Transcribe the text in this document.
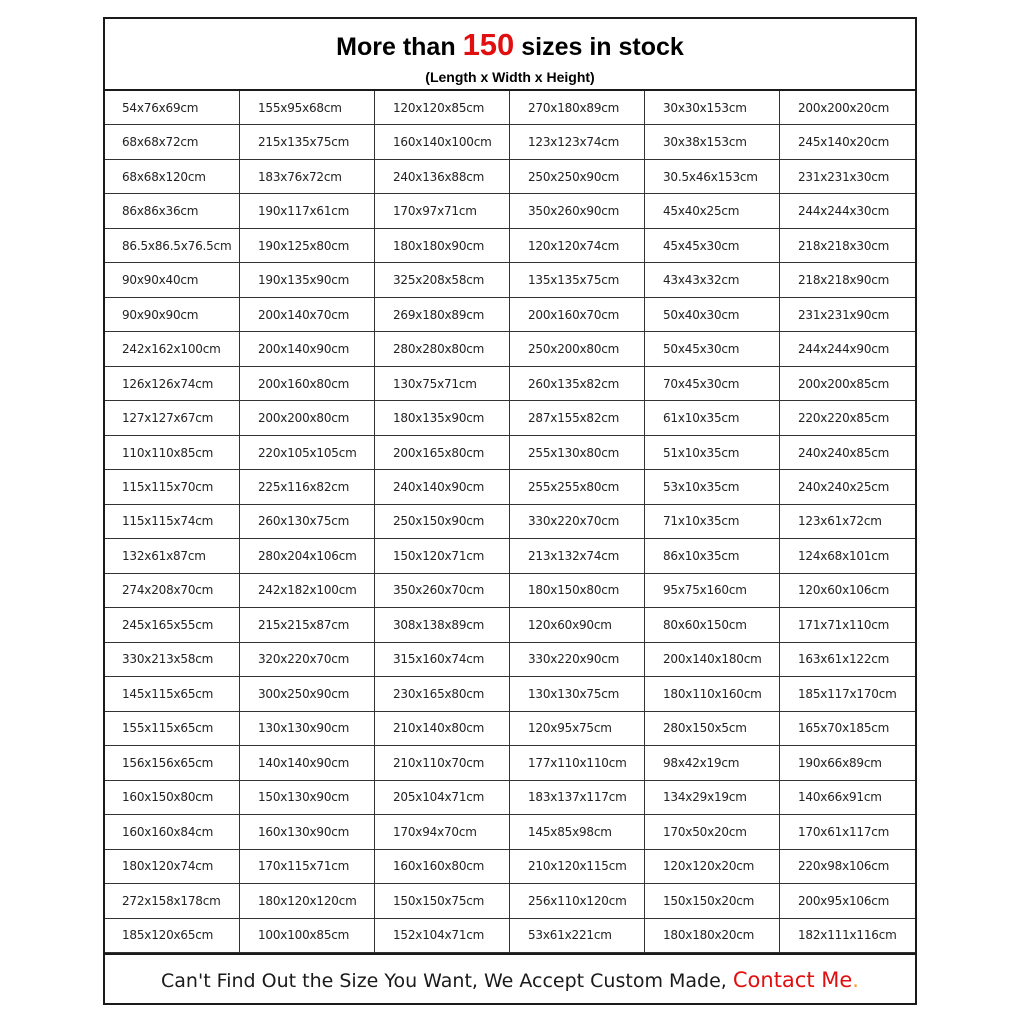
More than 150 sizes in stock
(Length x Width x Height)
54x76x69cm	155x95x68cm	120x120x85cm	270x180x89cm	30x30x153cm	200x200x20cm
68x68x72cm	215x135x75cm	160x140x100cm	123x123x74cm	30x38x153cm	245x140x20cm
68x68x120cm	183x76x72cm	240x136x88cm	250x250x90cm	30.5x46x153cm	231x231x30cm
86x86x36cm	190x117x61cm	170x97x71cm	350x260x90cm	45x40x25cm	244x244x30cm
86.5x86.5x76.5cm	190x125x80cm	180x180x90cm	120x120x74cm	45x45x30cm	218x218x30cm
90x90x40cm	190x135x90cm	325x208x58cm	135x135x75cm	43x43x32cm	218x218x90cm
90x90x90cm	200x140x70cm	269x180x89cm	200x160x70cm	50x40x30cm	231x231x90cm
242x162x100cm	200x140x90cm	280x280x80cm	250x200x80cm	50x45x30cm	244x244x90cm
126x126x74cm	200x160x80cm	130x75x71cm	260x135x82cm	70x45x30cm	200x200x85cm
127x127x67cm	200x200x80cm	180x135x90cm	287x155x82cm	61x10x35cm	220x220x85cm
110x110x85cm	220x105x105cm	200x165x80cm	255x130x80cm	51x10x35cm	240x240x85cm
115x115x70cm	225x116x82cm	240x140x90cm	255x255x80cm	53x10x35cm	240x240x25cm
115x115x74cm	260x130x75cm	250x150x90cm	330x220x70cm	71x10x35cm	123x61x72cm
132x61x87cm	280x204x106cm	150x120x71cm	213x132x74cm	86x10x35cm	124x68x101cm
274x208x70cm	242x182x100cm	350x260x70cm	180x150x80cm	95x75x160cm	120x60x106cm
245x165x55cm	215x215x87cm	308x138x89cm	120x60x90cm	80x60x150cm	171x71x110cm
330x213x58cm	320x220x70cm	315x160x74cm	330x220x90cm	200x140x180cm	163x61x122cm
145x115x65cm	300x250x90cm	230x165x80cm	130x130x75cm	180x110x160cm	185x117x170cm
155x115x65cm	130x130x90cm	210x140x80cm	120x95x75cm	280x150x5cm	165x70x185cm
156x156x65cm	140x140x90cm	210x110x70cm	177x110x110cm	98x42x19cm	190x66x89cm
160x150x80cm	150x130x90cm	205x104x71cm	183x137x117cm	134x29x19cm	140x66x91cm
160x160x84cm	160x130x90cm	170x94x70cm	145x85x98cm	170x50x20cm	170x61x117cm
180x120x74cm	170x115x71cm	160x160x80cm	210x120x115cm	120x120x20cm	220x98x106cm
272x158x178cm	180x120x120cm	150x150x75cm	256x110x120cm	150x150x20cm	200x95x106cm
185x120x65cm	100x100x85cm	152x104x71cm	53x61x221cm	180x180x20cm	182x111x116cm
Can't Find Out the Size You Want, We Accept Custom Made, Contact Me.
